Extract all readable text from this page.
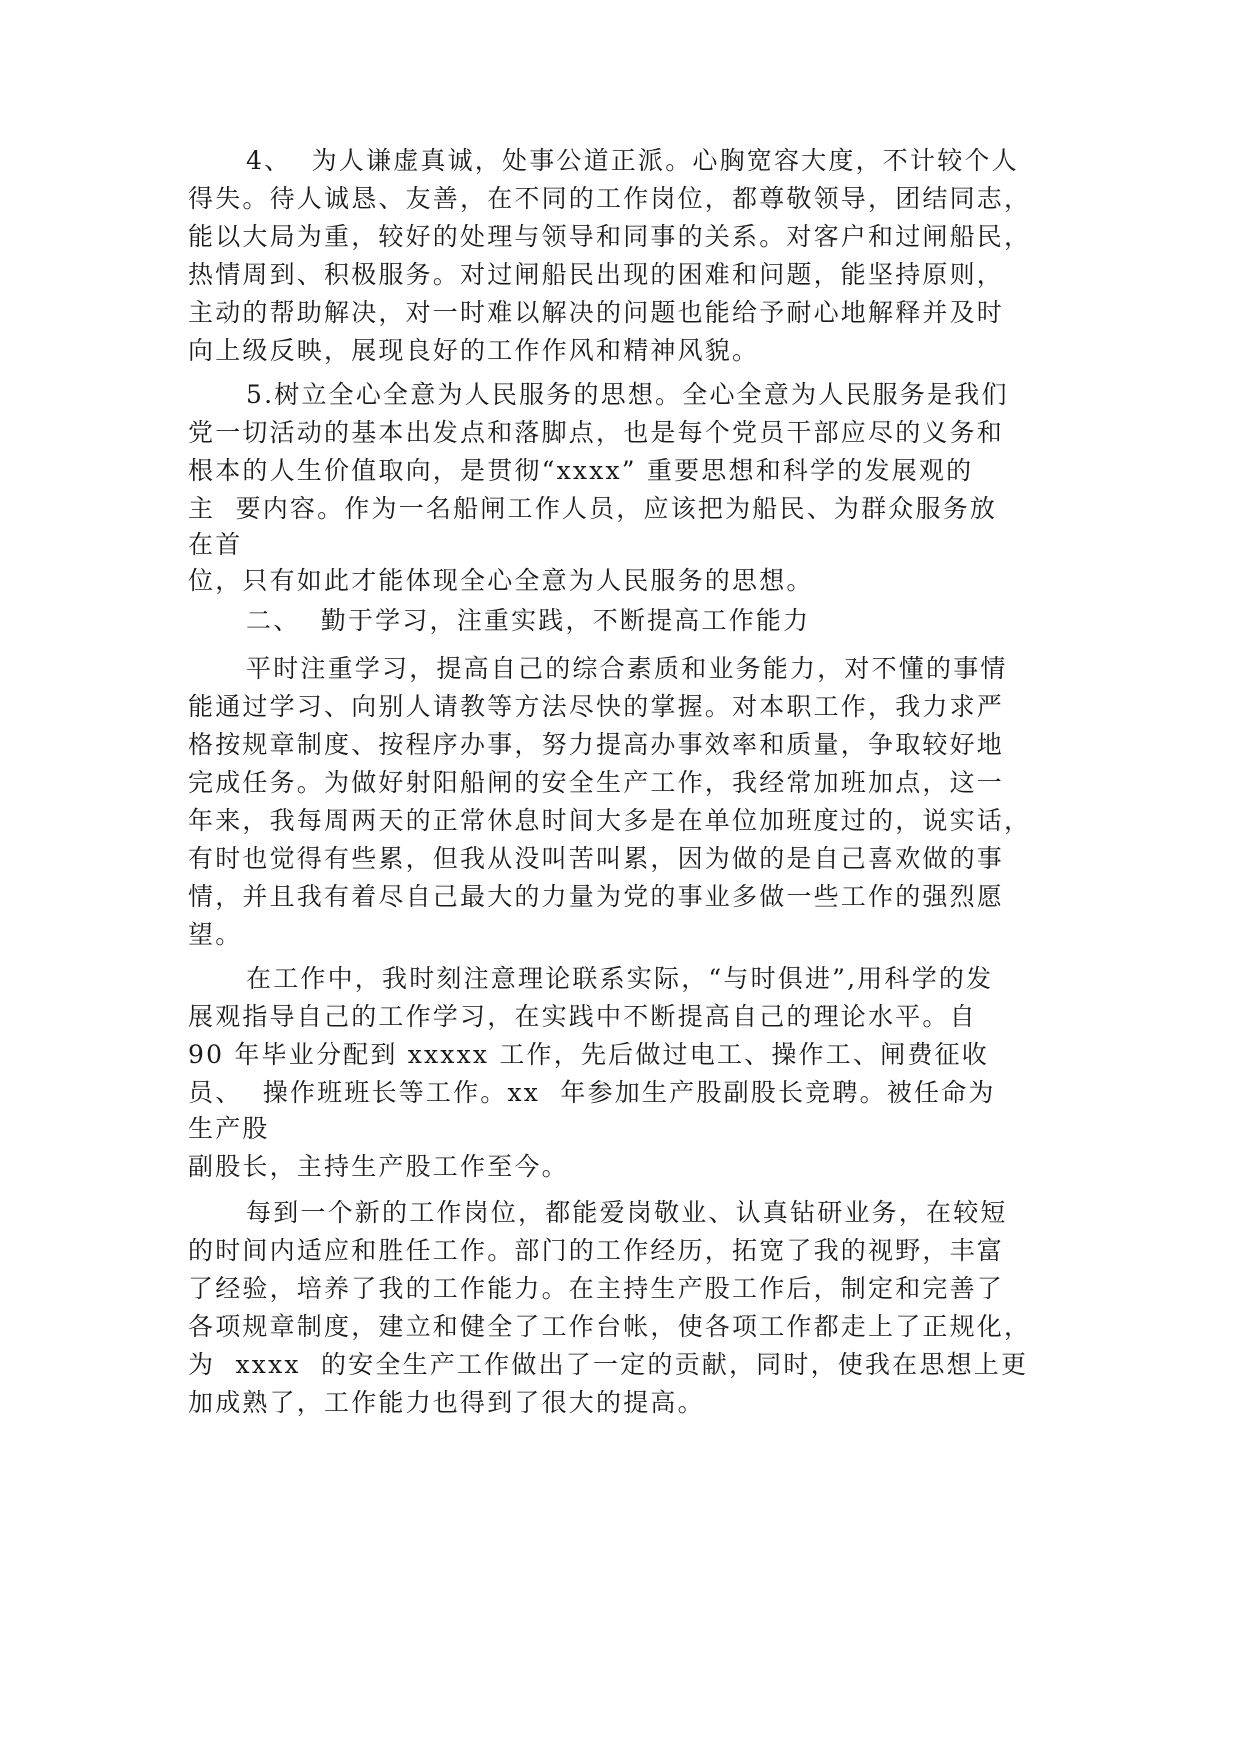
4、  为人谦虚真诚，处事公道正派。心胸宽容大度，不计较个人
得失。待人诚恳、友善，在不同的工作岗位，都尊敬领导，团结同志，
能以大局为重，较好的处理与领导和同事的关系。对客户和过闸船民，
热情周到、积极服务。对过闸船民出现的困难和问题，能坚持原则，
主动的帮助解决，对一时难以解决的问题也能给予耐心地解释并及时
向上级反映，展现良好的工作作风和精神风貌。
5.树立全心全意为人民服务的思想。全心全意为人民服务是我们
党一切活动的基本出发点和落脚点，也是每个党员干部应尽的义务和
根本的人生价值取向，是贯彻“xxxx” 重要思想和科学的发展观的
主  要内容。作为一名船闸工作人员，应该把为船民、为群众服务放
在首
位，只有如此才能体现全心全意为人民服务的思想。
二、  勤于学习，注重实践，不断提高工作能力
平时注重学习，提高自己的综合素质和业务能力，对不懂的事情
能通过学习、向别人请教等方法尽快的掌握。对本职工作，我力求严
格按规章制度、按程序办事，努力提高办事效率和质量，争取较好地
完成任务。为做好射阳船闸的安全生产工作，我经常加班加点，这一
年来，我每周两天的正常休息时间大多是在单位加班度过的，说实话，
有时也觉得有些累，但我从没叫苦叫累，因为做的是自己喜欢做的事
情，并且我有着尽自己最大的力量为党的事业多做一些工作的强烈愿
望。
在工作中，我时刻注意理论联系实际，“与时俱进”,用科学的发
展观指导自己的工作学习，在实践中不断提高自己的理论水平。自
90 年毕业分配到 xxxxx 工作，先后做过电工、操作工、闸费征收
员、  操作班班长等工作。xx  年参加生产股副股长竞聘。被任命为
生产股
副股长，主持生产股工作至今。
每到一个新的工作岗位，都能爱岗敬业、认真钻研业务，在较短
的时间内适应和胜任工作。部门的工作经历，拓宽了我的视野，丰富
了经验，培养了我的工作能力。在主持生产股工作后，制定和完善了
各项规章制度，建立和健全了工作台帐，使各项工作都走上了正规化，
为  xxxx  的安全生产工作做出了一定的贡献，同时，使我在思想上更
加成熟了，工作能力也得到了很大的提高。
